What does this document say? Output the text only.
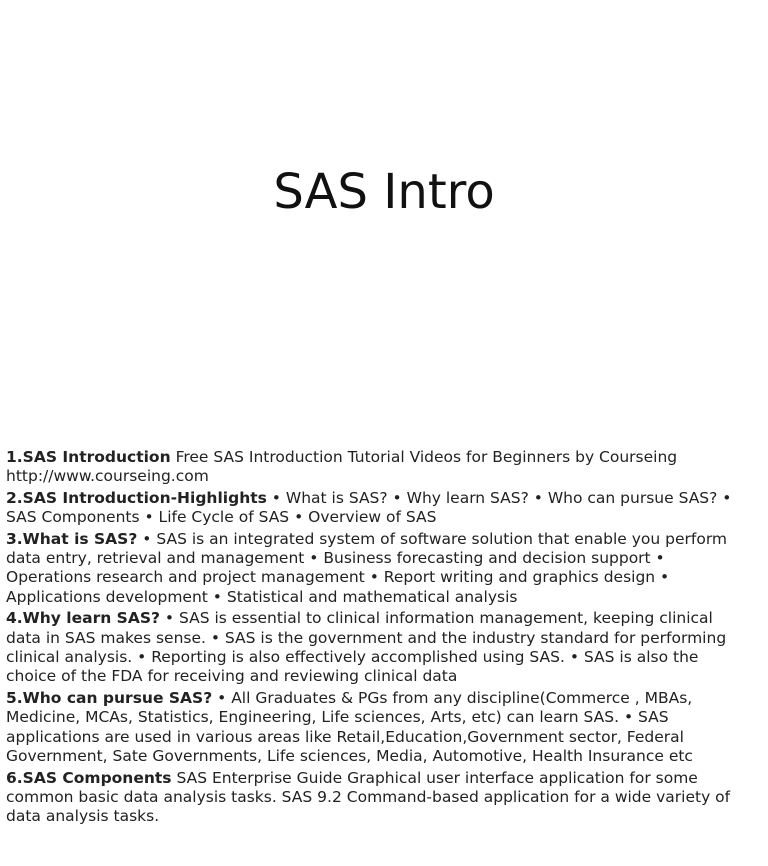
SAS Intro
1.SAS Introduction Free SAS Introduction Tutorial Videos for Beginners by Courseing http://www.courseing.com
2.SAS Introduction-Highlights • What is SAS? • Why learn SAS? • Who can pursue SAS? • SAS Components • Life Cycle of SAS • Overview of SAS
3.What is SAS? • SAS is an integrated system of software solution that enable you perform data entry, retrieval and management • Business forecasting and decision support • Operations research and project management • Report writing and graphics design • Applications development • Statistical and mathematical analysis
4.Why learn SAS? • SAS is essential to clinical information management, keeping clinical data in SAS makes sense. • SAS is the government and the industry standard for performing clinical analysis. • Reporting is also effectively accomplished using SAS. • SAS is also the choice of the FDA for receiving and reviewing clinical data
5.Who can pursue SAS? • All Graduates & PGs from any discipline(Commerce , MBAs, Medicine, MCAs, Statistics, Engineering, Life sciences, Arts, etc) can learn SAS. • SAS applications are used in various areas like Retail,Education,Government sector, Federal Government, Sate Governments, Life sciences, Media, Automotive, Health Insurance etc
6.SAS Components SAS Enterprise Guide Graphical user interface application for some common basic data analysis tasks. SAS 9.2 Command-based application for a wide variety of data analysis tasks.
